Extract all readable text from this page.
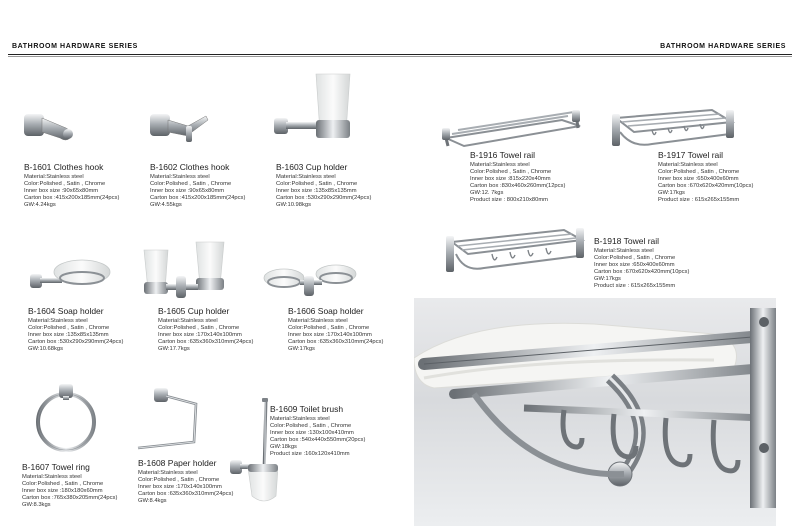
BATHROOM HARDWARE SERIES	BATHROOM HARDWARE SERIES
B-1601 Clothes hook
Material:Stainless steel
Color:Polished , Satin , Chrome
Inner box size :90x65x80mm
Carton box :415x200x185mm(24pcs)
GW:4.24kgs
B-1602 Clothes hook
Material:Stainless steel
Color:Polished , Satin , Chrome
Inner box size :90x65x80mm
Carton box :415x200x185mm(24pcs)
GW:4.55kgs
B-1603 Cup holder
Material:Stainless steel
Color:Polished , Satin , Chrome
Inner box size :135x85x135mm
Carton box :530x290x290mm(24pcs)
GW:10.98kgs
B-1916 Towel rail
Material:Stainless steel
Color:Polished , Satin , Chrome
Inner box size :815x220x40mm
Carton box :830x460x260mm(12pcs)
GW:12. 7kgs
Product size : 800x210x80mm
B-1917 Towel rail
Material:Stainless steel
Color:Polished , Satin , Chrome
Inner box size :650x400x60mm
Carton box :670x620x420mm(10pcs)
GW:17kgs
Product size : 615x265x155mm
B-1918 Towel rail
Material:Stainless steel
Color:Polished , Satin , Chrome
Inner box size :650x400x60mm
Carton box :670x620x420mm(10pcs)
GW:17kgs
Product size : 615x265x155mm
B-1604 Soap holder
Material:Stainless steel
Color:Polished , Satin , Chrome
Inner box size :135x85x135mm
Carton box :530x290x290mm(24pcs)
GW:10.68kgs
B-1605 Cup holder
Material:Stainless steel
Color:Polished , Satin , Chrome
Inner box size :170x140x100mm
Carton box :635x360x310mm(24pcs)
GW:17.7kgs
B-1606 Soap holder
Material:Stainless steel
Color:Polished , Satin , Chrome
Inner box size :170x140x100mm
Carton box :635x360x310mm(24pcs)
GW:17kgs
B-1607 Towel ring
Material:Stainless steel
Color:Polished , Satin , Chrome
Inner box size :180x180x60mm
Carton box :765x380x205mm(24pcs)
GW:8.3kgs
B-1608 Paper holder
Material:Stainless steel
Color:Polished , Satin , Chrome
Inner box size :170x140x100mm
Carton box :635x360x310mm(24pcs)
GW:8.4kgs
B-1609 Toilet brush
Material:Stainless steel
Color:Polished , Satin , Chrome
Inner box size :130x100x410mm
Carton box :540x440x550mm(20pcs)
GW:18kgs
Product size :160x120x410mm
